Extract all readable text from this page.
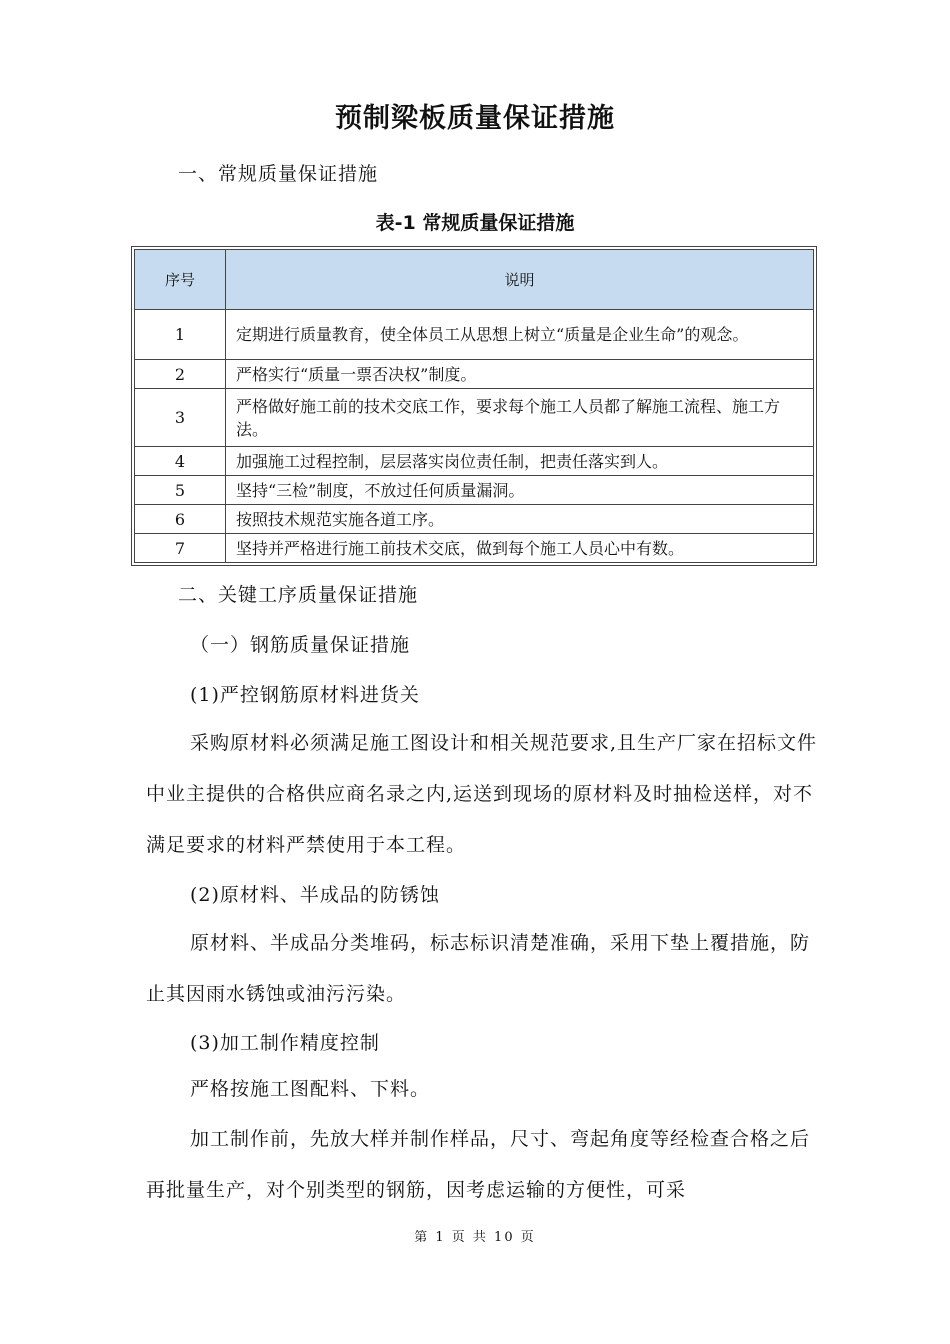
预制梁板质量保证措施
一、常规质量保证措施
表-1 常规质量保证措施
序号	说明
1	定期进行质量教育，使全体员工从思想上树立“质量是企业生命”的观念。
2	严格实行“质量一票否决权”制度。
3	严格做好施工前的技术交底工作，要求每个施工人员都了解施工流程、施工方法。
4	加强施工过程控制，层层落实岗位责任制，把责任落实到人。
5	坚持“三检”制度，不放过任何质量漏洞。
6	按照技术规范实施各道工序。
7	坚持并严格进行施工前技术交底，做到每个施工人员心中有数。
二、关键工序质量保证措施
（一）钢筋质量保证措施
(1)严控钢筋原材料进货关
采购原材料必须满足施工图设计和相关规范要求,且生产厂家在招标文件中业主提供的合格供应商名录之内,运送到现场的原材料及时抽检送样，对不满足要求的材料严禁使用于本工程。
(2)原材料、半成品的防锈蚀
原材料、半成品分类堆码，标志标识清楚准确，采用下垫上覆措施，防止其因雨水锈蚀或油污污染。
(3)加工制作精度控制
严格按施工图配料、下料。
加工制作前，先放大样并制作样品，尺寸、弯起角度等经检查合格之后再批量生产，对个别类型的钢筋，因考虑运输的方便性，可采
第 1 页 共 10 页
